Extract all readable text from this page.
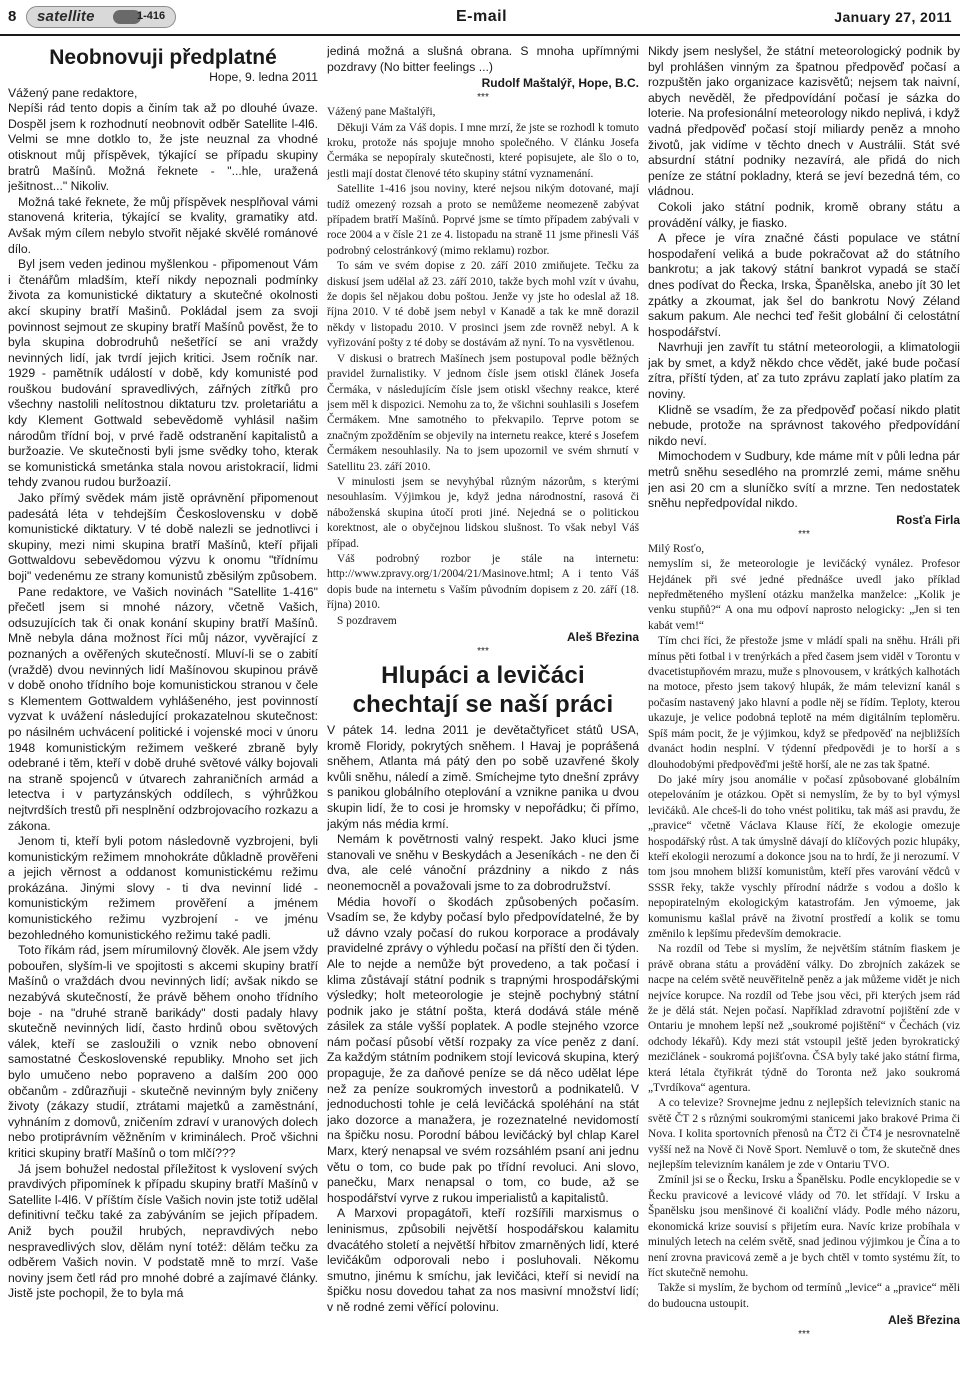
8 satellite	1-416	E-mail	January 27, 2011
Neobnovuji předplatné

Hope, 9. ledna 2011

Vážený pane redaktore,

Nepíši rád tento dopis a činím tak až po dlouhé úvaze. Dospěl jsem k rozhodnutí neobnovit odběr Satellite l-4l6. Velmi se mne dotklo to, že jste neuznal za vhodné otisknout můj příspěvek, týkající se případu skupiny bratrů Mašínů. Možná řeknete - "...hle, uražená ješitnost..." Nikoliv.

Možná také řeknete, že můj příspěvek nesplňoval vámi stanovená kriteria, týkající se kvality, gramatiky atd. Avšak mým cílem nebylo stvořit nějaké skvělé románové dílo.

Byl jsem veden jedinou myšlenkou - připomenout Vám i čtenářům mladším, kteří nikdy nepoznali podmínky života za komunistické diktatury a skutečné okolnosti akcí skupiny bratří Mašinů. Pokládal jsem za svoji povinnost sejmout ze skupiny bratří Mašínů pověst, že to byla skupina dobrodruhů nešetřící se ani vraždy nevinných lidí, jak tvrdí jejich kritici. Jsem ročník nar. 1929 - pamětník událostí v době, kdy komunisté pod rouškou budování spravedlivých, zářných zítřků pro všechny nastolili nelítostnou diktaturu tzv. proletariátu a kdy Klement Gottwald sebevědomě vyhlásil našim národům třídní boj, v prvé řadě odstranění kapitalistů a buržoazie. Ve skutečnosti byli jsme svědky toho, kterak se komunistická smetánka stala novou aristokracií, lidmi tehdy zvanou rudou buržoazií.

Jako přímý svědek mám jistě oprávnění připomenout padesátá léta v tehdejším Československu v době komunistické diktatury. V té době nalezli se jednotlivci i skupiny, mezi nimi skupina bratří Mašínů, kteří přijali Gottwaldovu sebevědomou výzvu k onomu "třídnímu boji" vedenému ze strany komunistů zběsilým způsobem.

Pane redaktore, ve Vašich novinách "Satellite 1-416" přečetl jsem si mnohé názory, včetně Vašich, odsuzujících tak či onak konání skupiny bratří Mašínů. Mně nebyla dána možnost říci můj názor, vyvěrající z poznaných a ověřených skutečností. Mluví-li se o zabití (vraždě) dvou nevinných lidí Mašínovou skupinou právě v době onoho třídního boje komunistickou stranou v čele s Klementem Gottwaldem vyhlášeného, jest povinností vyzvat k uvážení následující prokazatelnou skutečnost: po násilném uchvácení politické i vojenské moci v únoru 1948 komunistickým režimem veškeré zbraně byly odebrané i těm, kteří v době druhé světové války bojovali na straně spojenců v útvarech zahraničních armád a letectva i v partyzánských oddílech, s výhrůžkou nejtvrdších trestů při nesplnění odzbrojovacího rozkazu a zákona.

Jenom ti, kteří byli potom následovně vyzbrojeni, byli komunistickým režimem mnohokráte důkladně prověřeni a jejich věrnost a oddanost komunistickému režimu prokázána. Jinými slovy - ti dva nevinní lidé - komunistickým režimem prověření a jménem komunistického režimu vyzbrojení - ve jménu bezohledného komunistického režimu také padli.

Toto říkám rád, jsem mírumilovný člověk. Ale jsem vždy pobouřen, slyším-li ve spojitosti s akcemi skupiny bratří Mašínů o vraždách dvou nevinných lidí; avšak nikdo se nezabývá skutečností, že právě během onoho třídního boje - na "druhé straně barikády" dosti padaly hlavy skutečně nevinných lidí, často hrdinů obou světových válek, kteří se zasloužili o vznik nebo obnovení samostatné Československé republiky. Mnoho set jich bylo umučeno nebo popraveno a dalším 200 000 občanům - zdůrazňuji - skutečně nevinným byly zničeny životy (zákazy studií, ztrátami majetků a zaměstnání, vyhnáním z domovů, zničením zdraví v uranových dolech nebo protiprávním věžněním v kriminálech. Proč všichni kritici skupiny bratří Mašínů o tom mlčí???

Já jsem bohužel nedostal příležitost k vyslovení svých pravdivých připomínek k případu skupiny bratří Mašínů v Satellite l-4l6. V příštím čísle Vašich novin jste totiž udělal definitivní tečku také za zabýváním se jejich případem. Aniž bych použil hrubých, nepravdivých nebo nespravedlivých slov, dělám nyní totéž: dělám tečku za odběrem Vašich novin. V podstatě mně to mrzí. Vaše noviny jsem četl rád pro mnohé dobré a zajímavé články. Jistě jste pochopil, že to byla má

jediná možná a slušná obrana. S mnoha upřímnými pozdravy (No bitter feelings ...)

Rudolf Maštalýř, Hope, B.C.
***

Vážený pane Maštalýři,

Děkuji Vám za Váš dopis. I mne mrzí, že jste se rozhodl k tomuto kroku, protože nás spojuje mnoho společného. V článku Josefa Čermáka se nepopíraly skutečnosti, které popisujete, ale šlo o to, jestli mají dostat členové této skupiny státní vyznamenání.

Satellite 1-416 jsou noviny, které nejsou nikým dotované, mají tudíž omezený rozsah a proto se nemůžeme neomezeně zabývat případem bratří Mašínů. Poprvé jsme se tímto případem zabývali v roce 2004 a v čísle 21 ze 4. listopadu na straně 11 jsme přinesli Váš podrobný celostránkový (mimo reklamu) rozbor.

To sám ve svém dopise z 20. září 2010 zmiňujete. Tečku za diskusí jsem udělal až 23. září 2010, takže bych mohl vzít v úvahu, že dopis šel nějakou dobu poštou. Jenže vy jste ho odeslal až 18. října 2010. V té době jsem nebyl v Kanadě a tak ke mně dorazil někdy v listopadu 2010. V prosinci jsem zde rovněž nebyl. A k vyřizování pošty z té doby se dostávám až nyní. To na vysvětlenou.

V diskusi o bratrech Mašínech jsem postupoval podle běžných pravidel žurnalistiky. V jednom čísle jsem otiskl článek Josefa Čermáka, v následujícím čísle jsem otiskl všechny reakce, které jsem měl k dispozici. Nemohu za to, že všichni souhlasili s Josefem Čermákem. Mne samotného to překvapilo. Teprve potom se značným zpožděním se objevily na internetu reakce, které s Josefem Čermákem nesouhlasily. Na to jsem upozornil ve svém shrnutí v Satellitu 23. září 2010.

V minulosti jsem se nevyhýbal různým názorům, s kterými nesouhlasím. Výjimkou je, když jedna národnostní, rasová či náboženská skupina útočí proti jiné. Nejedná se o politickou korektnost, ale o obyčejnou lidskou slušnost. To však nebyl Váš případ.

Váš podrobný rozbor je stále na internetu: http://www.zpravy.org/1/2004/21/Masinove.html; A i tento Váš dopis bude na internetu s Vaším původním dopisem z 20. září (18. října) 2010.

S pozdravem

Aleš Březina
***
Hlupáci a levičáci chechtají se naší práci

V pátek 14. ledna 2011 je devětačtyřicet států USA, kromě Floridy, pokrytých sněhem. I Havaj je poprášená sněhem, Atlanta má pátý den po sobě uzavřené školy kvůli sněhu, náledí a zimě. Smíchejme tyto dnešní zprávy s panikou globálního oteplování a vznikne panika u dvou skupin lidí, že to cosi je hromsky v nepořádku; či přímo, jakým nás média krmí.

Nemám k povětrnosti valný respekt. Jako kluci jsme stanovali ve sněhu v Beskydách a Jeseníkách - ne den či dva, ale celé vánoční prázdniny a nikdo z nás neonemocněl a považovali jsme to za dobrodružství.

Média hovoří o škodách způsobených počasím. Vsadím se, že kdyby počasí bylo předpovídatelné, že by už dávno vzaly počasí do rukou korporace a prodávaly pravidelné zprávy o výhledu počasí na příští den či týden. Ale to nejde a nemůže být provedeno, a tak počasí i klima zůstávají státní podnik s trapnými hrospodářskými výsledky; holt meteorologie je stejně pochybný státní podnik jako je státní pošta, která dodává stále méně zásilek za stále vyšší poplatek. A podle stejného vzorce nám počasí působí větší rozpaky za více peněz z daní. Za každým státním podnikem stojí levicová skupina, který propaguje, že za daňové peníze se dá něco udělat lépe než za peníze soukromých investorů a podnikatelů. V jednoduchosti tohle je celá levičácká spoléhání na stát jako dozorce a manažera, je rozeznatelné nevidomostí na špičku nosu. Porodní bábou levičácký byl chlap Karel Marx, který nenapsal ve svém rozsáhlém psaní ani jednu větu o tom, co bude pak po třídní revoluci. Ani slovo, panečku, Marx nenapsal o tom, co bude, až se hospodářství vyrve z rukou imperialistů a kapitalistů.

A Marxovi propagátoři, kteří rozšířili marxismus o leninismus, způsobili největší hospodářskou kalamitu dvacátého století a největší hřbitov zmarněných lidí, které levičákům odporovali nebo i posluhovali. Někomu smutno, jinému k smíchu, jak levičáci, kteří si nevidí na špičku nosu dovedou tahat za nos masivní množství lidí; v ně rodné zemi věřící polovinu.

Nikdy jsem neslyšel, že státní meteorologický podnik by byl prohlášen vinným za špatnou předpověď počasí a rozpuštěn jako organizace kazisvětů; nejsem tak naivní, abych nevěděl, že předpovídání počasí je sázka do loterie. Na profesionální meteorology nikdo neplivá, i když vadná předpověď počasí stojí miliardy peněz a mnoho životů, jak vidíme v těchto dnech v Austrálii. Stát své absurdní státní podniky nezavírá, ale přidá do nich peníze ze státní pokladny, která se jeví bezedná tém, co vládnou.

Cokoli jako státní podnik, kromě obrany státu a provádění války, je fiasko.

A přece je víra značné části populace ve státní hospodaření veliká a bude pokračovat až do státního bankrotu; a jak takový státní bankrot vypadá se stačí dnes podívat do Řecka, Irska, Španělska, anebo jít 30 let zpátky a zkoumat, jak šel do bankrotu Nový Zéland sakum pakum. Ale nechci teď řešit globální či celostátní hospodářství.

Navrhuji jen zavřít tu státní meteorologii, a klimatologii jak by smet, a když někdo chce vědět, jaké bude počasí zítra, příští týden, ať za tuto zprávu zaplatí jako platím za noviny.

Klidně se vsadím, že za předpověď počasí nikdo platit nebude, protože na správnost takového předpovídání nikdo neví.

Mimochodem v Sudbury, kde máme mít v půli ledna pár metrů sněhu sesedlého na promrzlé zemi, máme sněhu jen asi 20 cm a sluníčko svítí a mrzne. Ten nedostatek sněhu nepředpovídal nikdo.

Rosťa Firla
***

Milý Rosťo,

nemyslím si, že meteorologie je levičácký vynález. Profesor Hejdánek při své jedné přednášce uvedl jako příklad nepředměteného myšlení otázku manželka manželce: „Kolik je venku stupňů?“ A ona mu odpoví naprosto nelogicky: „Jen si ten kabát vem!“

Tím chci říci, že přestože jsme v mládí spali na sněhu. Hráli při mínus pěti fotbal i v trenýrkách a před časem jsem viděl v Torontu v dvacetistupňovém mrazu, muže s plnovousem, v krátkých kalhotách na motoce, přesto jsem takový hlupák, že mám televizní kanál s počasím nastavený jako hlavní a podle něj se řídím. Teploty, kterou ukazuje, je velice podobná teplotě na mém digitálním teploměru. Spíš mám pocit, že je výjimkou, když se předpověď na nejbližších dvanáct hodin nesplní. V týdenní předpovědi je to horší a s dlouhodobými předpověďmi ještě horší, ale ne zas tak špatné.

Do jaké míry jsou anomálie v počasí způsobované globálním otepelováním je otázkou. Opět si nemyslím, že by to byl výmysl levičáků. Ale chceš-li do toho vnést politiku, tak máš asi pravdu, že „pravice“ včetně Václava Klause říčí, že ekologie omezuje hospodářský růst. A tak úmyslně dávají do klíčových pozic hlupáky, kteří ekologii nerozumí a dokonce jsou na to hrdí, že ji nerozumí. V tom jsou mnohem bližší komunistům, kteří přes varování vědců v SSSR řeky, takže vyschly přírodní nádrže s vodou a došlo k nepopiratelným ekologickým katastrofám. Jen výmoeme, jak komunismu kašlal právě na životní prostředí a kolik se tomu změnilo k lepšímu především demokracie.

Na rozdíl od Tebe si myslím, že největším státním fiaskem je právě obrana státu a provádění války. Do zbrojních zakázek se nacpe na celém světě neuvěřitelně peněz a jak můžeme vidět je nich nejvíce korupce. Na rozdíl od Tebe jsou věci, při kterých jsem rád že je dělá stát. Nejen počasí. Například zdravotní pojištění zde v Ontariu je mnohem lepší než „soukromé pojištění“ v Čechách (viz odchody lékařů). Kdy mezi stát vstoupil ještě jeden byrokratický mezičlánek - soukromá pojišťovna. ČSA byly také jako státní firma, která létala čtyřikrát týdně do Toronta než jako soukromá „Tvrdíkova“ agentura.

A co televize? Srovnejme jednu z nejlepších televizních stanic na světě ČT 2 s různými soukromými stanicemi jako brakové Prima či Nova. I kolita sportovních přenosů na ČT2 či ČT4 je nesrovnatelně vyšší než na Nově či Nově Sport. Nemluvě o tom, že skutečně dnes nejlepším televizním kanálem je zde v Ontariu TVO.

Zmínil jsi se o Řecku, Irsku a Španělsku. Podle encyklopedie se v Řecku pravicové a levicové vlády od 70. let střídají. V Irsku a Španělsku jsou menšinové či koaliční vlády. Podle mého názoru, ekonomická krize souvisí s přijetím eura. Navíc krize probíhala v minulých letech na celém světě, snad jedinou výjimkou je Čína a to není zrovna pravicová země a je bych chtěl v tomto systému žít, to říct skutečně nemohu.

Takže si myslím, že bychom od termínů „levice“ a „pravice“ měli do budoucna ustoupit.

Aleš Březina
***
